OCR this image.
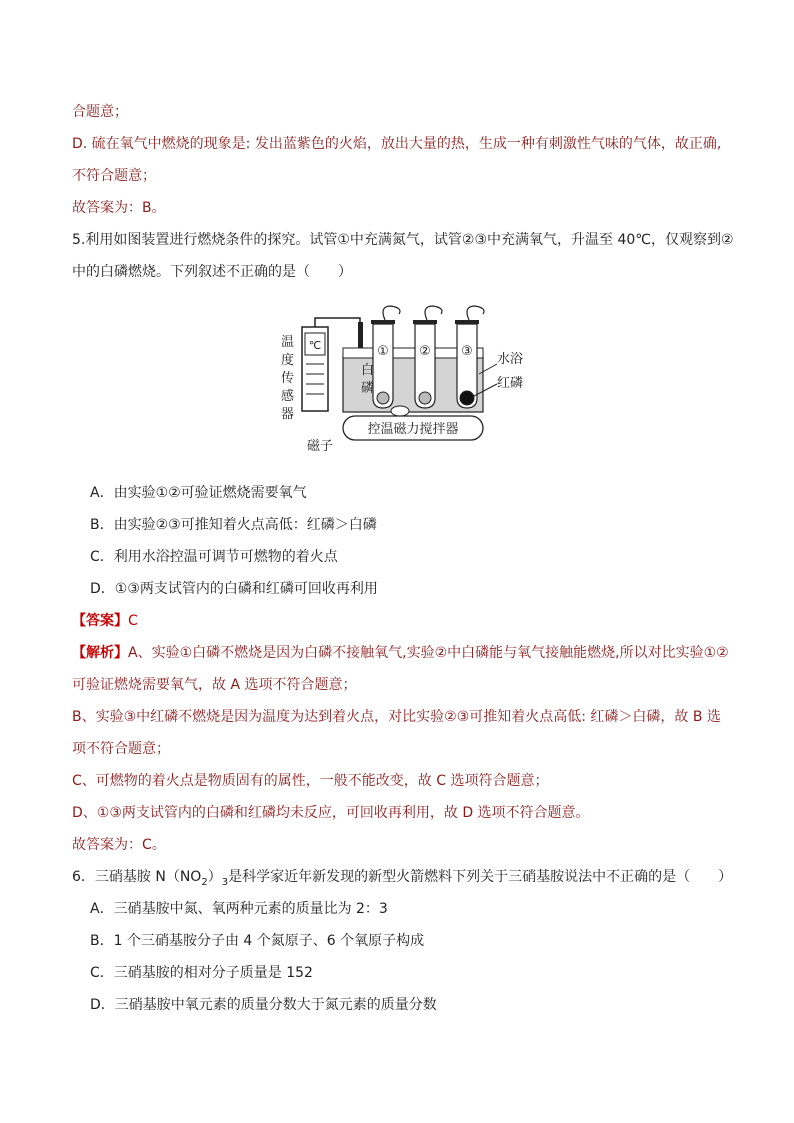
合题意；
D. 硫在氧气中燃烧的现象是: 发出蓝紫色的火焰，放出大量的热，生成一种有刺激性气味的气体，故正确,
不符合题意；
故答案为：B。
5.利用如图装置进行燃烧条件的探究。试管①中充满氮气，试管②③中充满氧气，升温至 40℃，仅观察到②
中的白磷燃烧。下列叙述不正确的是（　　）
℃
温
度
传
感
器
① ② ③
白
磷
水浴
红磷
磁子
控温磁力搅拌器
A．由实验①②可验证燃烧需要氧气
B．由实验②③可推知着火点高低：红磷＞白磷
C．利用水浴控温可调节可燃物的着火点
D．①③两支试管内的白磷和红磷可回收再利用
【答案】C
【解析】A、实验①白磷不燃烧是因为白磷不接触氧气,实验②中白磷能与氧气接触能燃烧,所以对比实验①②
可验证燃烧需要氧气，故 A 选项不符合题意；
B、实验③中红磷不燃烧是因为温度为达到着火点，对比实验②③可推知着火点高低: 红磷＞白磷，故 B 选
项不符合题意；
C、可燃物的着火点是物质固有的属性，一般不能改变，故 C 选项符合题意；
D、①③两支试管内的白磷和红磷均未反应，可回收再利用，故 D 选项不符合题意。
故答案为：C。
6．三硝基胺 $N(NO_2)_3$是科学家近年新发现的新型火箭燃料下列关于三硝基胺说法中不正确的是（　　）
A．三硝基胺中氮、氧两种元素的质量比为 2：3
B．1 个三硝基胺分子由 4 个氮原子、6 个氧原子构成
C．三硝基胺的相对分子质量是 152
D．三硝基胺中氧元素的质量分数大于氮元素的质量分数
